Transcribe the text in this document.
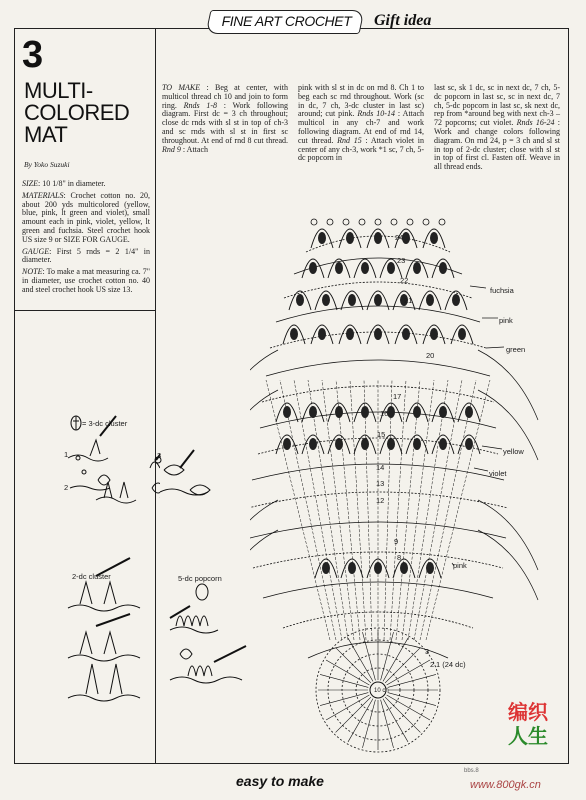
FINE ART CROCHET	Gift idea
3
MULTI-
COLORED
MAT
By Yoko Suzuki

SIZE: 10 1/8" in diameter.

MATERIALS: Crochet cotton no. 20, about 200 yds multicolored (yellow, blue, pink, lt green and violet), small amount each in pink, violet, yellow, lt green and fuchsia. Steel crochet hook US size 9 or SIZE FOR GAUGE.

GAUGE: First 5 rnds = 2 1/4" in diameter.

NOTE: To make a mat measuring ca. 7" in diameter, use crochet cotton no. 40 and steel crochet hook US size 13.

TO MAKE : Beg at center, with multicol thread ch 10 and join to form ring. Rnds 1-8 : Work following diagram. First dc = 3 ch throughout; close dc rnds with sl st in top of ch-3 and sc rnds with sl st in first sc throughout. At end of rnd 8 cut thread. Rnd 9 : Attach
pink with sl st in dc on rnd 8. Ch 1 to beg each sc rnd throughout. Work (sc in dc, 7 ch, 3-dc cluster in last sc) around; cut pink. Rnds 10-14 : Attach multicol in any ch-7 and work following diagram. At end of rnd 14, cut thread. Rnd 15 : Attach violet in center of any ch-3, work *1 sc, 7 ch, 5-dc popcorn in
last sc, sk 1 dc, sc in next dc, 7 ch, 5-dc popcorn in last sc, sc in next dc, 7 ch, 5-dc popcorn in last sc, sk next dc, rep from *around beg with next ch-3 – 72 popcorns; cut violet. Rnds 16-24 : Work and change colors following diagram. On rnd 24, p = 3 ch and sl st in top of 2-dc cluster; close with sl st in top of first cl. Fasten off. Weave in all thread ends.
= 3-dc cluster
1	3
2
2-dc cluster	5-dc popcorn
fuchsia
pink
green
yellow
violet
pink
24
23
22
21
20
17
16
15
14
13
12
9
8
3
2
10 ch
1 (24 dc)
easy to make
编织
人生
bbs.8
www.800gk.cn
